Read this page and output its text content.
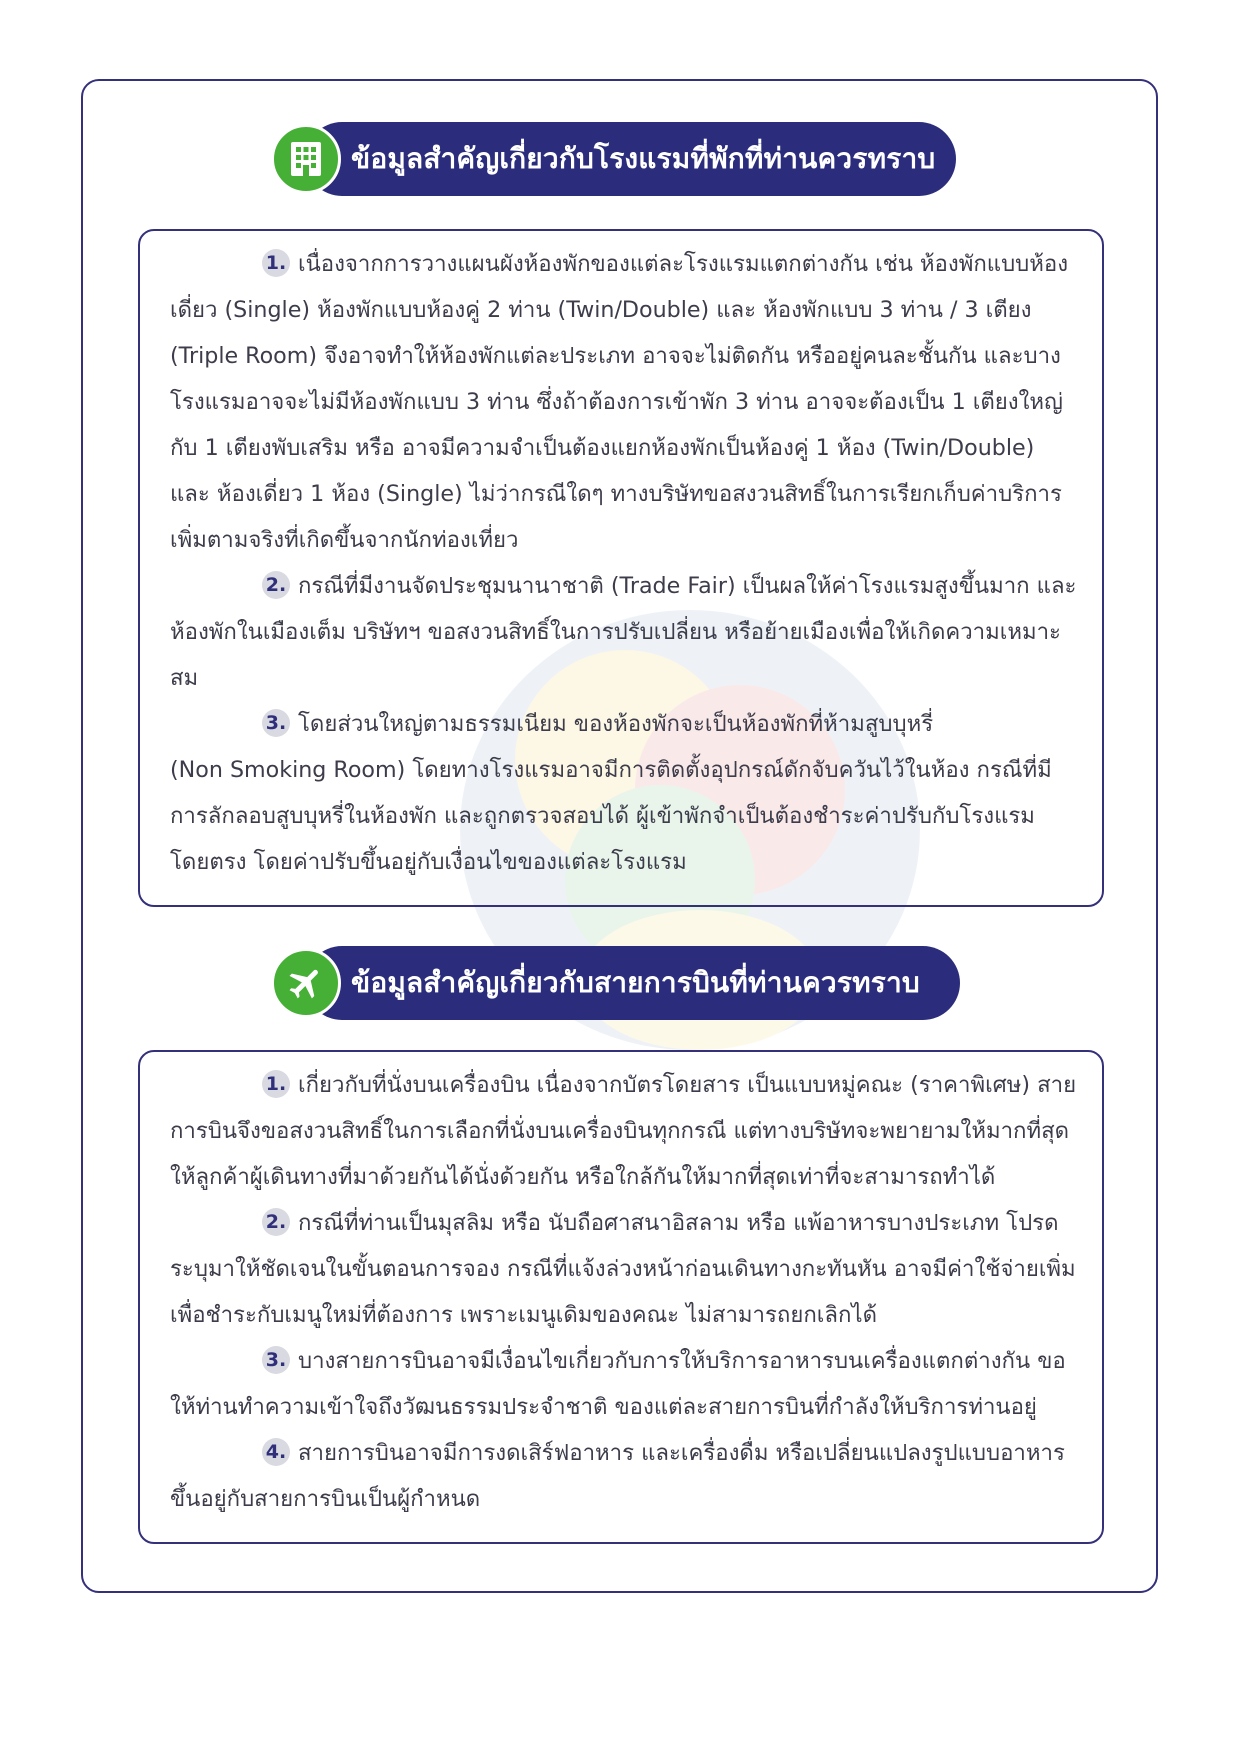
ข้อมูลสำคัญเกี่ยวกับโรงแรมที่พักที่ท่านควรทราบ

1. เนื่องจากการวางแผนผังห้องพักของแต่ละโรงแรมแตกต่างกัน เช่น ห้องพักแบบห้องเดี่ยว (Single) ห้องพักแบบห้องคู่ 2 ท่าน (Twin/Double) และ ห้องพักแบบ 3 ท่าน / 3 เตียง (Triple Room) จึงอาจทำให้ห้องพักแต่ละประเภท อาจจะไม่ติดกัน หรืออยู่คนละชั้นกัน และบางโรงแรมอาจจะไม่มีห้องพักแบบ 3 ท่าน ซึ่งถ้าต้องการเข้าพัก 3 ท่าน อาจจะต้องเป็น 1 เตียงใหญ่ กับ 1 เตียงพับเสริม หรือ อาจมีความจำเป็นต้องแยกห้องพักเป็นห้องคู่ 1 ห้อง (Twin/Double) และ ห้องเดี่ยว 1 ห้อง (Single) ไม่ว่ากรณีใดๆ ทางบริษัทขอสงวนสิทธิ์ในการเรียกเก็บค่าบริการเพิ่มตามจริงที่เกิดขึ้นจากนักท่องเที่ยว

2. กรณีที่มีงานจัดประชุมนานาชาติ (Trade Fair) เป็นผลให้ค่าโรงแรมสูงขึ้นมาก และห้องพักในเมืองเต็ม บริษัทฯ ขอสงวนสิทธิ์ในการปรับเปลี่ยน หรือย้ายเมืองเพื่อให้เกิดความเหมาะสม

3. โดยส่วนใหญ่ตามธรรมเนียม ของห้องพักจะเป็นห้องพักที่ห้ามสูบบุหรี่

(Non Smoking Room) โดยทางโรงแรมอาจมีการติดตั้งอุปกรณ์ดักจับควันไว้ในห้อง กรณีที่มีการลักลอบสูบบุหรี่ในห้องพัก และถูกตรวจสอบได้ ผู้เข้าพักจำเป็นต้องชำระค่าปรับกับโรงแรมโดยตรง โดยค่าปรับขึ้นอยู่กับเงื่อนไขของแต่ละโรงแรม

ข้อมูลสำคัญเกี่ยวกับสายการบินที่ท่านควรทราบ

1. เกี่ยวกับที่นั่งบนเครื่องบิน เนื่องจากบัตรโดยสาร เป็นแบบหมู่คณะ (ราคาพิเศษ) สายการบินจึงขอสงวนสิทธิ์ในการเลือกที่นั่งบนเครื่องบินทุกกรณี แต่ทางบริษัทจะพยายามให้มากที่สุด ให้ลูกค้าผู้เดินทางที่มาด้วยกันได้นั่งด้วยกัน หรือใกล้กันให้มากที่สุดเท่าที่จะสามารถทำได้

2. กรณีที่ท่านเป็นมุสลิม หรือ นับถือศาสนาอิสลาม หรือ แพ้อาหารบางประเภท โปรดระบุมาให้ชัดเจนในขั้นตอนการจอง กรณีที่แจ้งล่วงหน้าก่อนเดินทางกะทันหัน อาจมีค่าใช้จ่ายเพิ่มเพื่อชำระกับเมนูใหม่ที่ต้องการ เพราะเมนูเดิมของคณะ ไม่สามารถยกเลิกได้

3. บางสายการบินอาจมีเงื่อนไขเกี่ยวกับการให้บริการอาหารบนเครื่องแตกต่างกัน ขอให้ท่านทำความเข้าใจถึงวัฒนธรรมประจำชาติ ของแต่ละสายการบินที่กำลังให้บริการท่านอยู่

4. สายการบินอาจมีการงดเสิร์ฟอาหาร และเครื่องดื่ม หรือเปลี่ยนแปลงรูปแบบอาหาร ขึ้นอยู่กับสายการบินเป็นผู้กำหนด
